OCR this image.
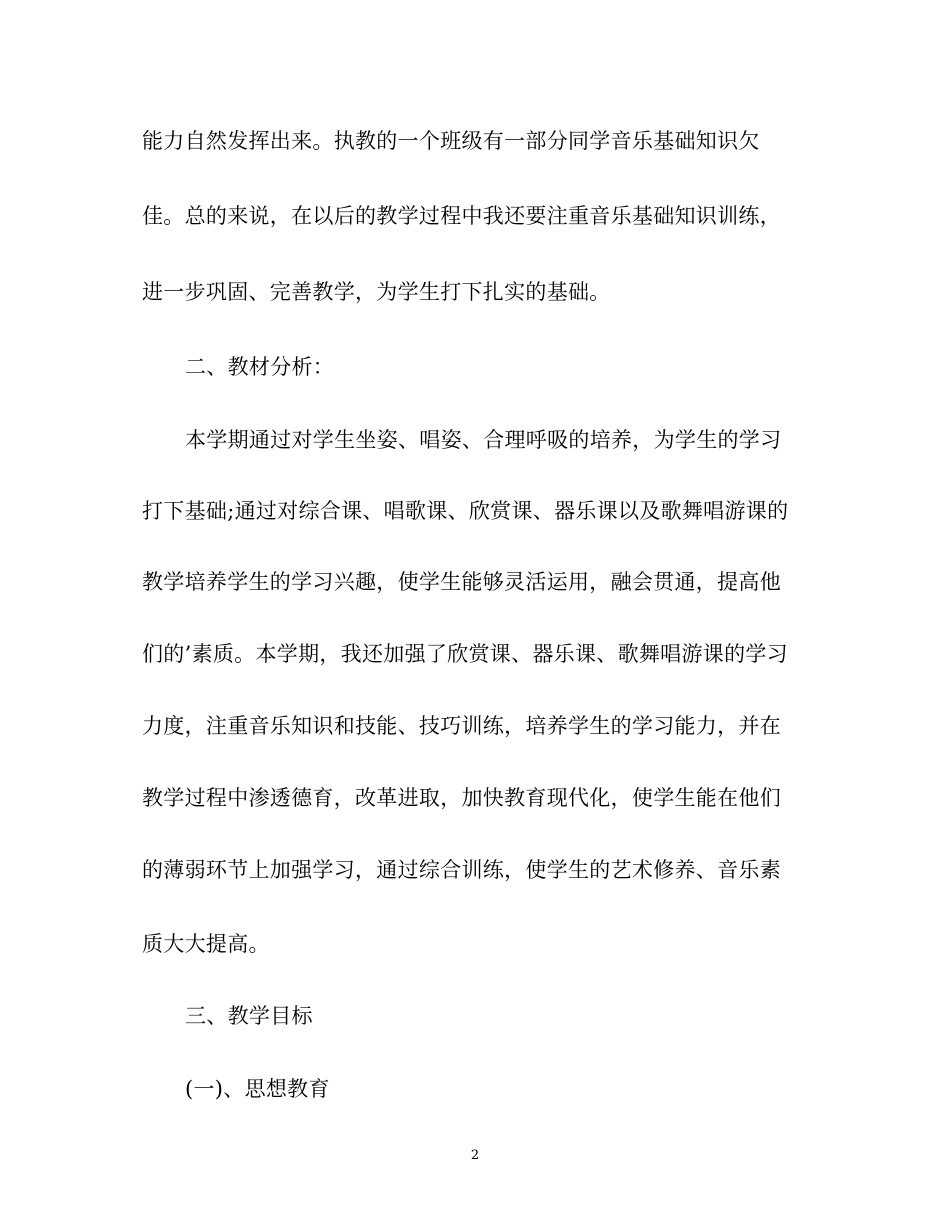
能力自然发挥出来。执教的一个班级有一部分同学音乐基础知识欠
佳。总的来说，在以后的教学过程中我还要注重音乐基础知识训练，
进一步巩固、完善教学，为学生打下扎实的基础。
二、教材分析：
本学期通过对学生坐姿、唱姿、合理呼吸的培养，为学生的学习
打下基础;通过对综合课、唱歌课、欣赏课、器乐课以及歌舞唱游课的
教学培养学生的学习兴趣，使学生能够灵活运用，融会贯通，提高他
们的’素质。本学期，我还加强了欣赏课、器乐课、歌舞唱游课的学习
力度，注重音乐知识和技能、技巧训练，培养学生的学习能力，并在
教学过程中渗透德育，改革进取，加快教育现代化，使学生能在他们
的薄弱环节上加强学习，通过综合训练，使学生的艺术修养、音乐素
质大大提高。
三、教学目标
(一)、思想教育
2
